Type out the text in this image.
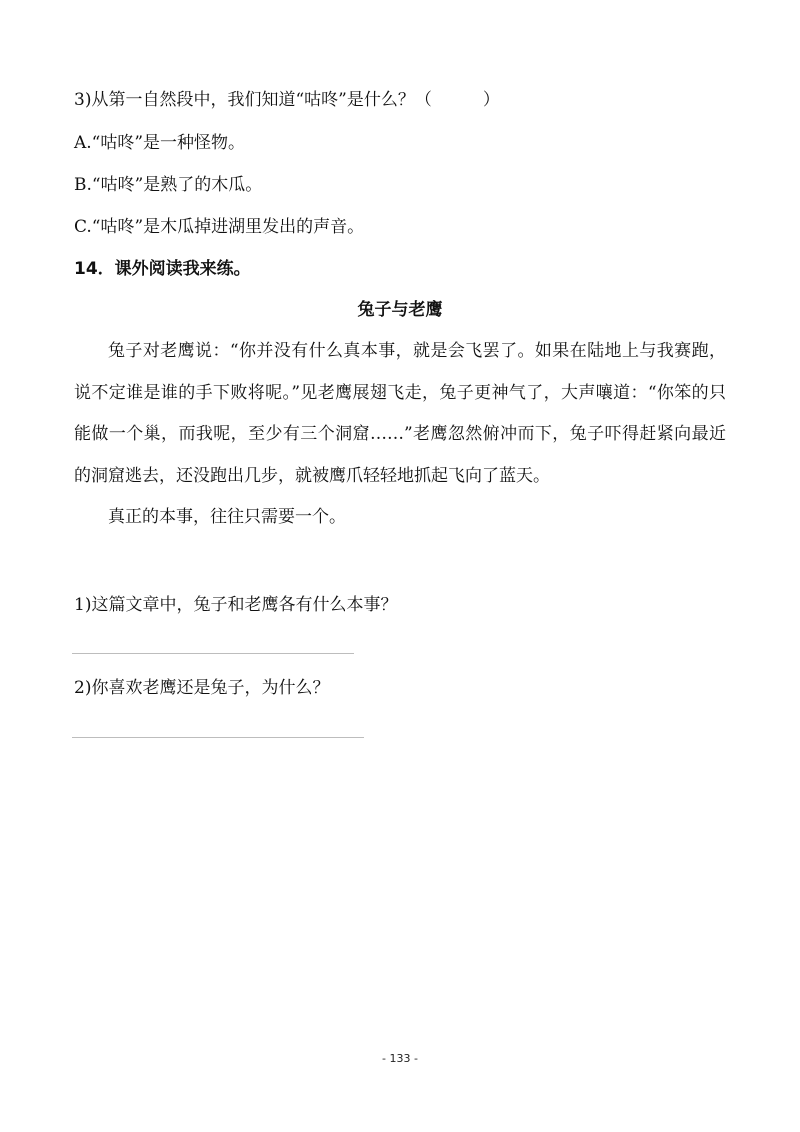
3)从第一自然段中，我们知道“咕咚”是什么？（　　　）
A.“咕咚”是一种怪物。
B.“咕咚”是熟了的木瓜。
C.“咕咚”是木瓜掉进湖里发出的声音。
14．课外阅读我来练。
兔子与老鹰

兔子对老鹰说：“你并没有什么真本事，就是会飞罢了。如果在陆地上与我赛跑，说不定谁是谁的手下败将呢。”见老鹰展翅飞走，兔子更神气了，大声嚷道：“你笨的只能做一个巢，而我呢，至少有三个洞窟……”老鹰忽然俯冲而下，兔子吓得赶紧向最近的洞窟逃去，还没跑出几步，就被鹰爪轻轻地抓起飞向了蓝天。

真正的本事，往往只需要一个。

1)这篇文章中，兔子和老鹰各有什么本事？
2)你喜欢老鹰还是兔子，为什么？
- 133 -
